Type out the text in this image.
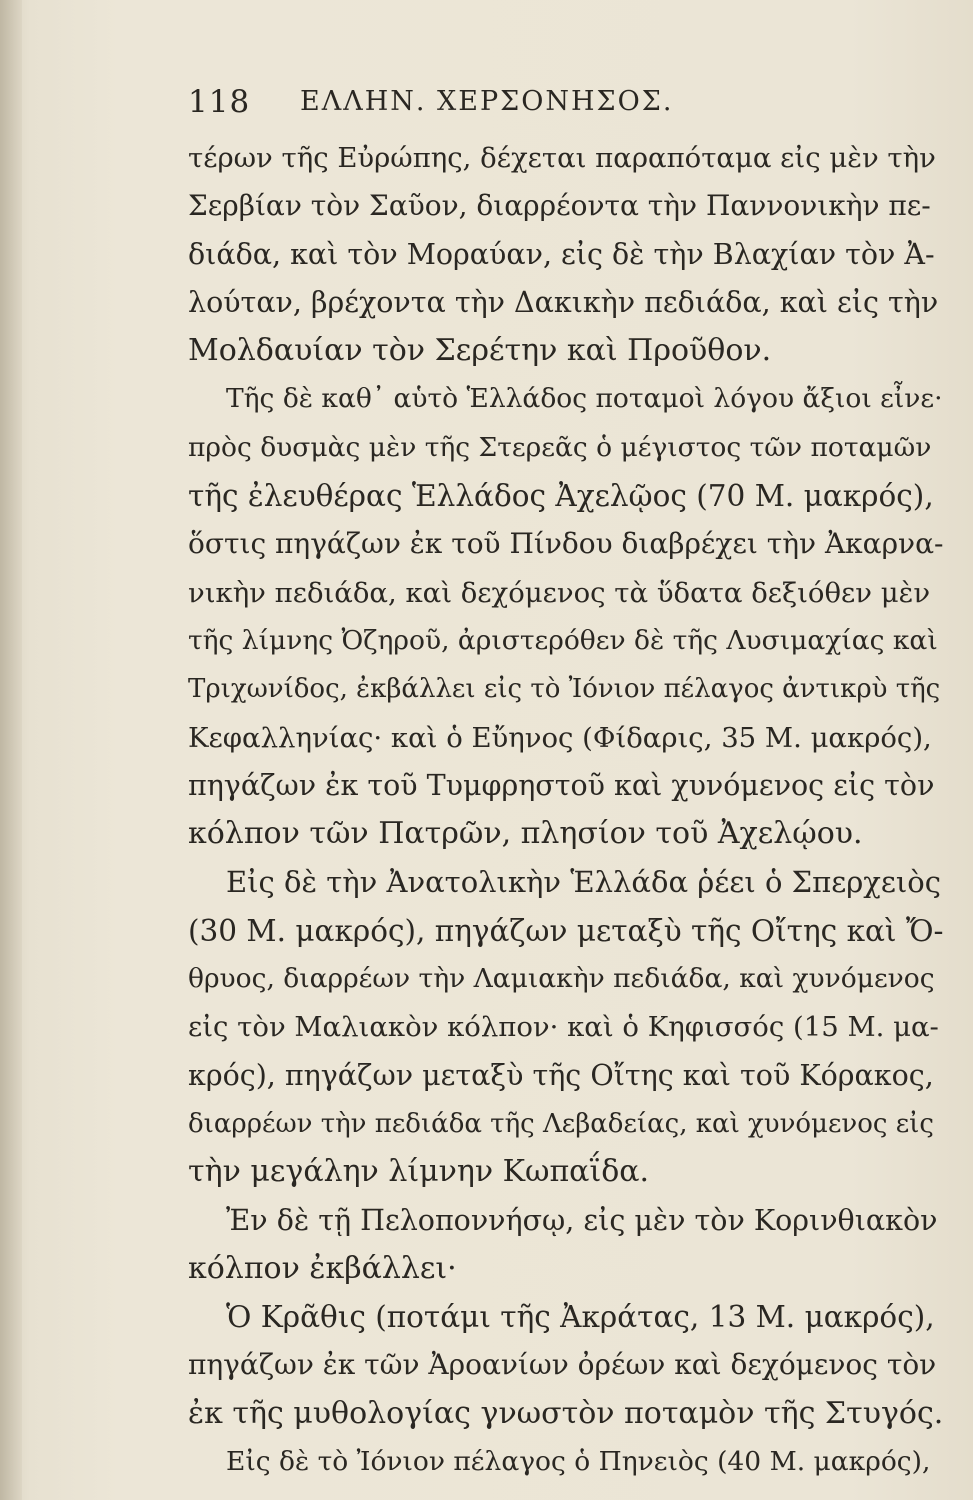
118 ΕΛΛΗΝ. ΧΕΡΣΟΝΗΣΟΣ.
τέρων τῆς Εὐρώπης, δέχεται παραπόταμα εἰς μὲν τὴν
Σερβίαν τὸν Σαῦον, διαρρέοντα τὴν Παννονικὴν πε-
διάδα, καὶ τὸν Μοραύαν, εἰς δὲ τὴν Βλαχίαν τὸν Ἀ-
λούταν, βρέχοντα τὴν Δακικὴν πεδιάδα, καὶ εἰς τὴν
Μολδαυίαν τὸν Σερέτην καὶ Προῦθον.
Τῆς δὲ καθ᾽ αὑτὸ Ἑλλάδος ποταμοὶ λόγου ἄξιοι εἶνε·
πρὸς δυσμὰς μὲν τῆς Στερεᾶς ὁ μέγιστος τῶν ποταμῶν
τῆς ἐλευθέρας Ἑλλάδος Ἀχελῷος (70 Μ. μακρός),
ὅστις πηγάζων ἐκ τοῦ Πίνδου διαβρέχει τὴν Ἀκαρνα-
νικὴν πεδιάδα, καὶ δεχόμενος τὰ ὕδατα δεξιόθεν μὲν
τῆς λίμνης Ὀζηροῦ, ἀριστερόθεν δὲ τῆς Λυσιμαχίας καὶ
Τριχωνίδος, ἐκβάλλει εἰς τὸ Ἰόνιον πέλαγος ἀντικρὺ τῆς
Κεφαλληνίας· καὶ ὁ Εὔηνος (Φίδαρις, 35 Μ. μακρός),
πηγάζων ἐκ τοῦ Τυμφρηστοῦ καὶ χυνόμενος εἰς τὸν
κόλπον τῶν Πατρῶν, πλησίον τοῦ Ἀχελῴου.
Εἰς δὲ τὴν Ἀνατολικὴν Ἑλλάδα ῥέει ὁ Σπερχειὸς
(30 Μ. μακρός), πηγάζων μεταξὺ τῆς Οἴτης καὶ Ὄ-
θρυος, διαρρέων τὴν Λαμιακὴν πεδιάδα, καὶ χυνόμενος
εἰς τὸν Μαλιακὸν κόλπον· καὶ ὁ Κηφισσός (15 Μ. μα-
κρός), πηγάζων μεταξὺ τῆς Οἴτης καὶ τοῦ Κόρακος,
διαρρέων τὴν πεδιάδα τῆς Λεβαδείας, καὶ χυνόμενος εἰς
τὴν μεγάλην λίμνην Κωπαΐδα.
Ἐν δὲ τῇ Πελοποννήσῳ, εἰς μὲν τὸν Κορινθιακὸν
κόλπον ἐκβάλλει·
Ὁ Κρᾶθις (ποτάμι τῆς Ἀκράτας, 13 Μ. μακρός),
πηγάζων ἐκ τῶν Ἀροανίων ὀρέων καὶ δεχόμενος τὸν
ἐκ τῆς μυθολογίας γνωστὸν ποταμὸν τῆς Στυγός.
Εἰς δὲ τὸ Ἰόνιον πέλαγος ὁ Πηνειὸς (40 Μ. μακρός),
